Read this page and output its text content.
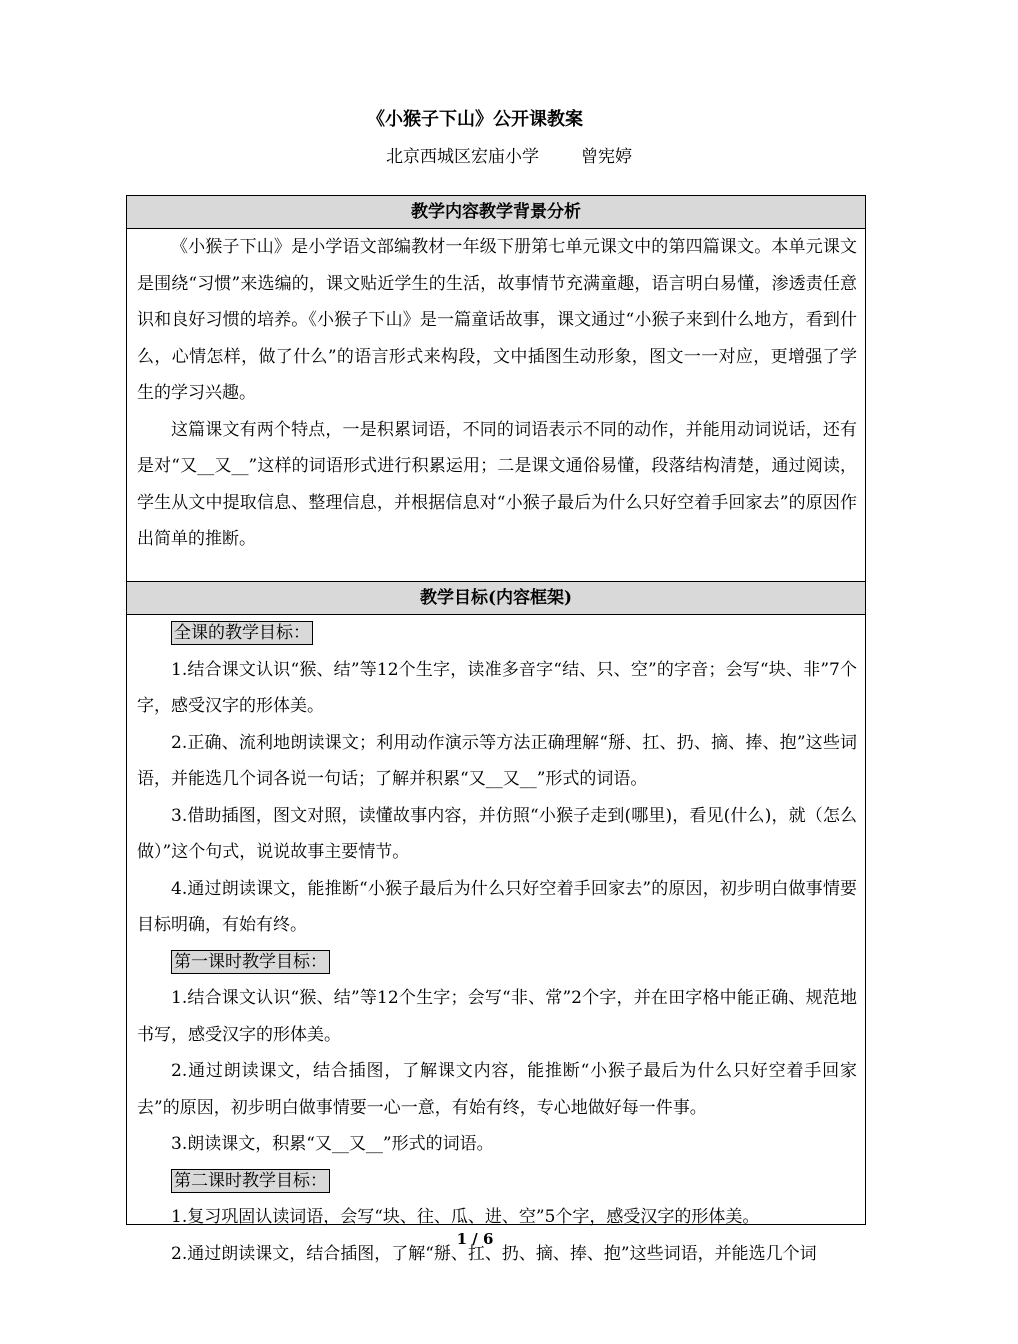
《小猴子下山》公开课教案
北京西城区宏庙小学 曾宪婷
教学内容教学背景分析

《小猴子下山》是小学语文部编教材一年级下册第七单元课文中的第四篇课文。本单元课文是围绕“习惯”来选编的，课文贴近学生的生活，故事情节充满童趣，语言明白易懂，渗透责任意识和良好习惯的培养。《小猴子下山》是一篇童话故事，课文通过“小猴子来到什么地方，看到什么，心情怎样，做了什么”的语言形式来构段，文中插图生动形象，图文一一对应，更增强了学生的学习兴趣。

这篇课文有两个特点，一是积累词语，不同的词语表示不同的动作，并能用动词说话，还有是对“又__又__”这样的词语形式进行积累运用；二是课文通俗易懂，段落结构清楚，通过阅读，学生从文中提取信息、整理信息，并根据信息对“小猴子最后为什么只好空着手回家去”的原因作出简单的推断。

教学目标(内容框架)

全课的教学目标：

1.结合课文认识“猴、结”等12个生字，读准多音字“结、只、空”的字音；会写“块、非”7个字，感受汉字的形体美。

2.正确、流利地朗读课文；利用动作演示等方法正确理解“掰、扛、扔、摘、捧、抱”这些词语，并能选几个词各说一句话；了解并积累“又__又__”形式的词语。

3.借助插图，图文对照，读懂故事内容，并仿照“小猴子走到(哪里)，看见(什么)，就（怎么做）”这个句式，说说故事主要情节。

4.通过朗读课文，能推断“小猴子最后为什么只好空着手回家去”的原因，初步明白做事情要目标明确，有始有终。

第一课时教学目标：

1.结合课文认识“猴、结”等12个生字；会写“非、常”2个字，并在田字格中能正确、规范地书写，感受汉字的形体美。

2.通过朗读课文，结合插图，了解课文内容，能推断“小猴子最后为什么只好空着手回家去”的原因，初步明白做事情要一心一意，有始有终，专心地做好每一件事。

3.朗读课文，积累“又__又__”形式的词语。

第二课时教学目标：

1.复习巩固认读词语，会写“块、往、瓜、进、空”5个字，感受汉字的形体美。

2.通过朗读课文，结合插图，了解“掰、扛、扔、摘、捧、抱”这些词语，并能选几个词

1 / 6
